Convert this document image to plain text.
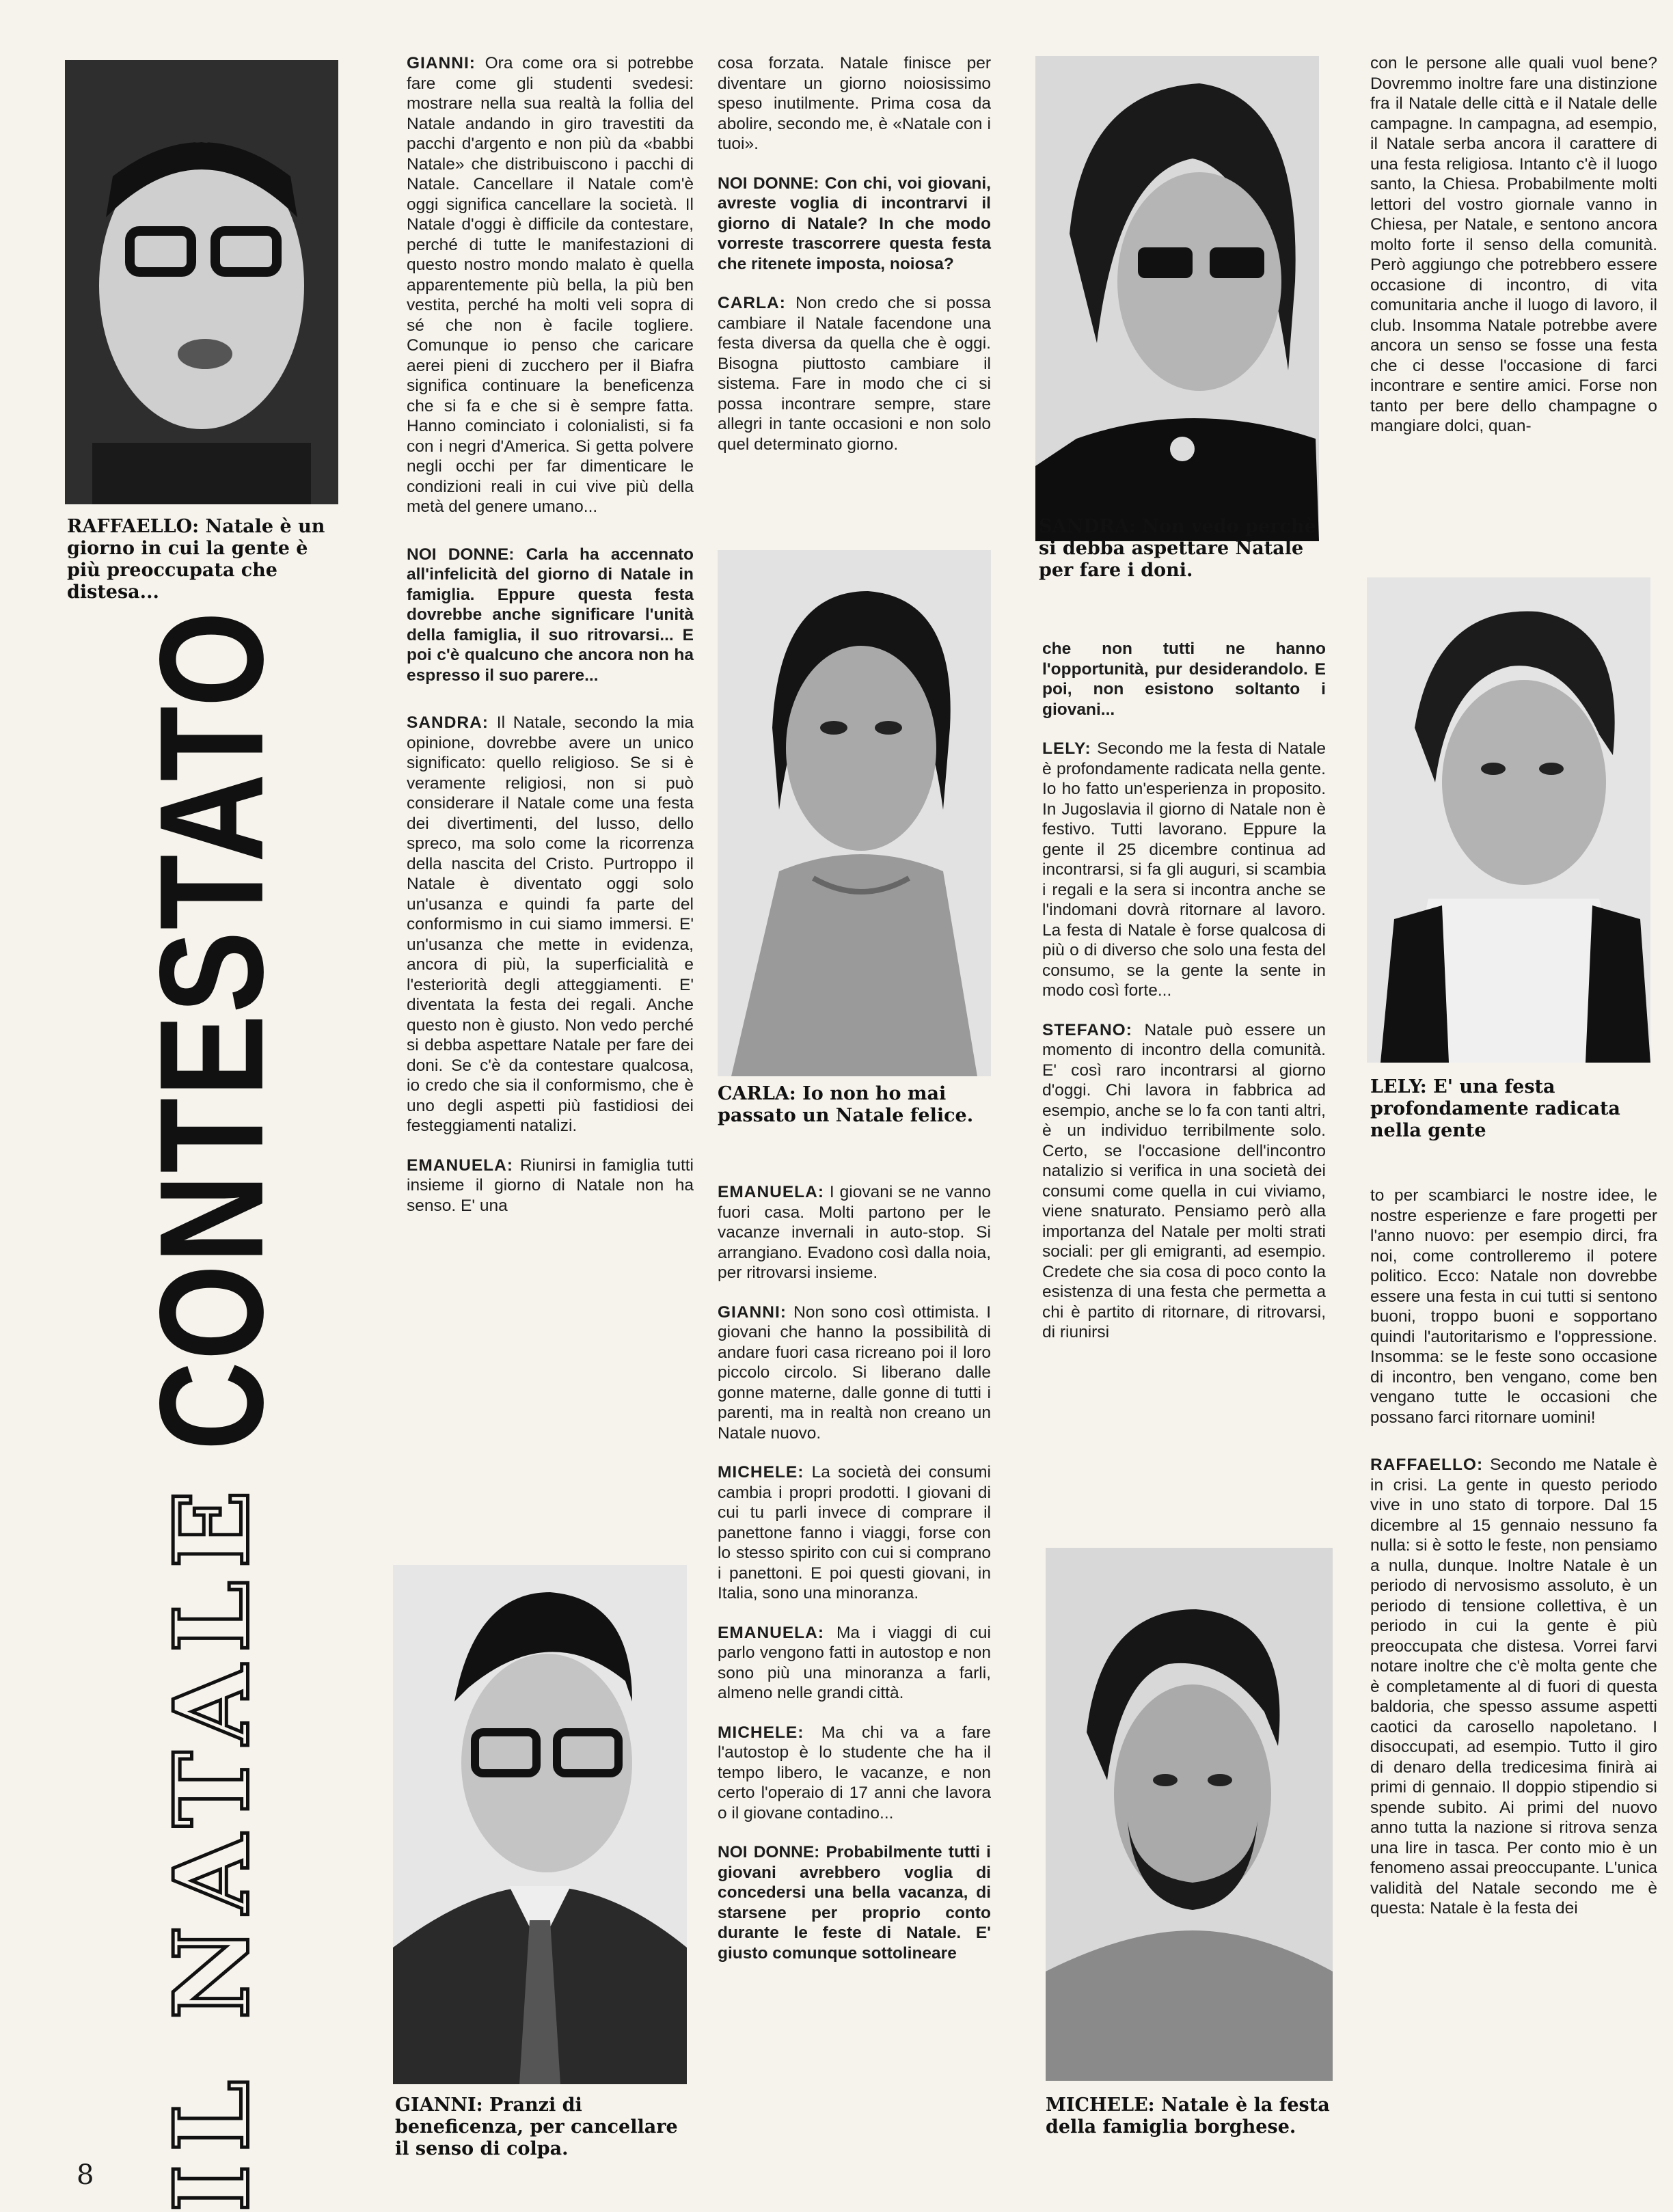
RAFFAELLO: Natale è un giorno in cui la gente è più preoccupata che distesa...
CARLA: Io non ho mai passato un Natale felice.
SANDRA: Non vedo perchè si debba aspettare Natale per fare i doni.
LELY: E' una festa profondamente radicata nella gente
GIANNI: Pranzi di beneficenza, per cancellare il senso di colpa.
MICHELE: Natale è la festa della famiglia borghese.
IL NATALE
CONTESTATO

GIANNI: Ora come ora si potrebbe fare come gli studenti svedesi: mostrare nella sua realtà la follia del Natale andando in giro travestiti da pacchi d'argento e non più da «babbi Natale» che distribuiscono i pacchi di Natale. Cancellare il Natale com'è oggi significa cancellare la società. Il Natale d'oggi è difficile da contestare, perché di tutte le manifestazioni di questo nostro mondo malato è quella apparentemente più bella, la più ben vestita, perché ha molti veli sopra di sé che non è facile togliere. Comunque io penso che caricare aerei pieni di zucchero per il Biafra significa continuare la beneficenza che si fa e che si è sempre fatta. Hanno cominciato i colonialisti, si fa con i negri d'America. Si getta polvere negli occhi per far dimenticare le condizioni reali in cui vive più della metà del genere umano...

NOI DONNE: Carla ha accennato all'infelicità del giorno di Natale in famiglia. Eppure questa festa dovrebbe anche significare l'unità della famiglia, il suo ritrovarsi... E poi c'è qualcuno che ancora non ha espresso il suo parere...

SANDRA: Il Natale, secondo la mia opinione, dovrebbe avere un unico significato: quello religioso. Se si è veramente religiosi, non si può considerare il Natale come una festa dei divertimenti, del lusso, dello spreco, ma solo come la ricorrenza della nascita del Cristo. Purtroppo il Natale è diventato oggi solo un'usanza e quindi fa parte del conformismo in cui siamo immersi. E' un'usanza che mette in evidenza, ancora di più, la superficialità e l'esteriorità degli atteggiamenti. E' diventata la festa dei regali. Anche questo non è giusto. Non vedo perché si debba aspettare Natale per fare dei doni. Se c'è da contestare qualcosa, io credo che sia il conformismo, che è uno degli aspetti più fastidiosi dei festeggiamenti natalizi.

EMANUELA: Riunirsi in famiglia tutti insieme il giorno di Natale non ha senso. E' una

cosa forzata. Natale finisce per diventare un giorno noiosissimo speso inutilmente. Prima cosa da abolire, secondo me, è «Natale con i tuoi».

NOI DONNE: Con chi, voi giovani, avreste voglia di incontrarvi il giorno di Natale? In che modo vorreste trascorrere questa festa che ritenete imposta, noiosa?

CARLA: Non credo che si possa cambiare il Natale facendone una festa diversa da quella che è oggi. Bisogna piuttosto cambiare il sistema. Fare in modo che ci si possa incontrare sempre, stare allegri in tante occasioni e non solo quel determinato giorno.

EMANUELA: I giovani se ne vanno fuori casa. Molti partono per le vacanze invernali in auto-stop. Si arrangiano. Evadono così dalla noia, per ritrovarsi insieme.

GIANNI: Non sono così ottimista. I giovani che hanno la possibilità di andare fuori casa ricreano poi il loro piccolo circolo. Si liberano dalle gonne materne, dalle gonne di tutti i parenti, ma in realtà non creano un Natale nuovo.

MICHELE: La società dei consumi cambia i propri prodotti. I giovani di cui tu parli invece di comprare il panettone fanno i viaggi, forse con lo stesso spirito con cui si comprano i panettoni. E poi questi giovani, in Italia, sono una minoranza.

EMANUELA: Ma i viaggi di cui parlo vengono fatti in autostop e non sono più una minoranza a farli, almeno nelle grandi città.

MICHELE: Ma chi va a fare l'autostop è lo studente che ha il tempo libero, le vacanze, e non certo l'operaio di 17 anni che lavora o il giovane contadino...

NOI DONNE: Probabilmente tutti i giovani avrebbero voglia di concedersi una bella vacanza, di starsene per proprio conto durante le feste di Natale. E' giusto comunque sottolineare

che non tutti ne hanno l'opportunità, pur desiderandolo. E poi, non esistono soltanto i giovani...

LELY: Secondo me la festa di Natale è profondamente radicata nella gente. Io ho fatto un'esperienza in proposito. In Jugoslavia il giorno di Natale non è festivo. Tutti lavorano. Eppure la gente il 25 dicembre continua ad incontrarsi, si fa gli auguri, si scambia i regali e la sera si incontra anche se l'indomani dovrà ritornare al lavoro. La festa di Natale è forse qualcosa di più o di diverso che solo una festa del consumo, se la gente la sente in modo così forte...

STEFANO: Natale può essere un momento di incontro della comunità. E' così raro incontrarsi al giorno d'oggi. Chi lavora in fabbrica ad esempio, anche se lo fa con tanti altri, è un individuo terribilmente solo. Certo, se l'occasione dell'incontro natalizio si verifica in una società dei consumi come quella in cui viviamo, viene snaturato. Pensiamo però alla importanza del Natale per molti strati sociali: per gli emigranti, ad esempio. Credete che sia cosa di poco conto la esistenza di una festa che permetta a chi è partito di ritornare, di ritrovarsi, di riunirsi

con le persone alle quali vuol bene? Dovremmo inoltre fare una distinzione fra il Natale delle città e il Natale delle campagne. In campagna, ad esempio, il Natale serba ancora il carattere di una festa religiosa. Intanto c'è il luogo santo, la Chiesa. Probabilmente molti lettori del vostro giornale vanno in Chiesa, per Natale, e sentono ancora molto forte il senso della comunità. Però aggiungo che potrebbero essere occasione di incontro, di vita comunitaria anche il luogo di lavoro, il club. Insomma Natale potrebbe avere ancora un senso se fosse una festa che ci desse l'occasione di farci incontrare e sentire amici. Forse non tanto per bere dello champagne o mangiare dolci, quan-

to per scambiarci le nostre idee, le nostre esperienze e fare progetti per l'anno nuovo: per esempio dirci, fra noi, come controlleremo il potere politico. Ecco: Natale non dovrebbe essere una festa in cui tutti si sentono buoni, troppo buoni e sopportano quindi l'autoritarismo e l'oppressione. Insomma: se le feste sono occasione di incontro, ben vengano, come ben vengano tutte le occasioni che possano farci ritornare uomini!

RAFFAELLO: Secondo me Natale è in crisi. La gente in questo periodo vive in uno stato di torpore. Dal 15 dicembre al 15 gennaio nessuno fa nulla: si è sotto le feste, non pensiamo a nulla, dunque. Inoltre Natale è un periodo di nervosismo assoluto, è un periodo di tensione collettiva, è un periodo in cui la gente è più preoccupata che distesa. Vorrei farvi notare inoltre che c'è molta gente che è completamente al di fuori di questa baldoria, che spesso assume aspetti caotici da carosello napoletano. I disoccupati, ad esempio. Tutto il giro di denaro della tredicesima finirà ai primi di gennaio. Il doppio stipendio si spende subito. Ai primi del nuovo anno tutta la nazione si ritrova senza una lire in tasca. Per conto mio è un fenomeno assai preoccupante. L'unica validità del Natale secondo me è questa: Natale è la festa dei

8
